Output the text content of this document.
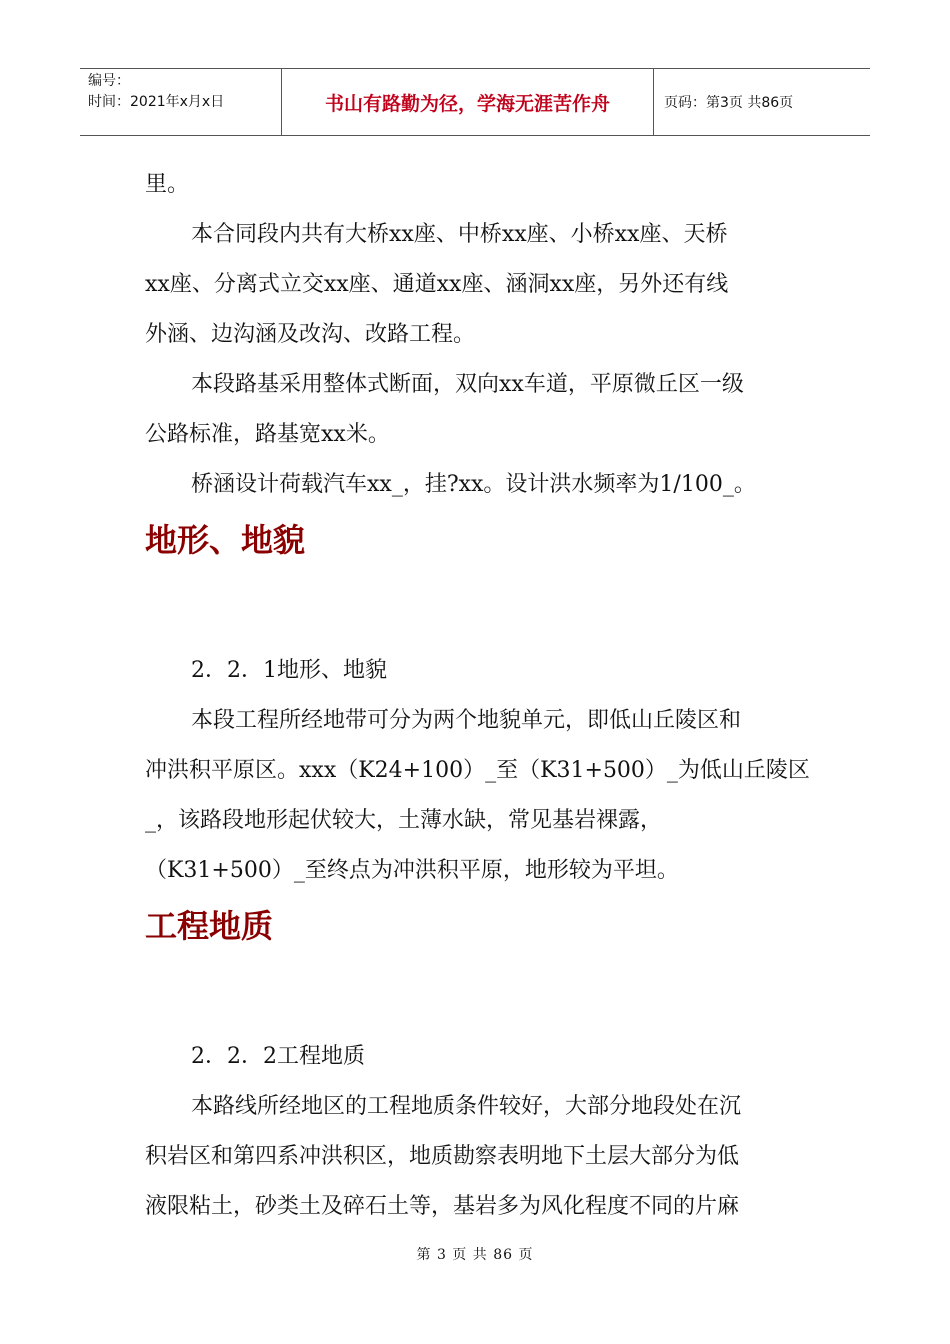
编号：
时间：2021年x月x日	书山有路勤为径，学海无涯苦作舟	页码：第3页 共86页

里。

本合同段内共有大桥xx座、中桥xx座、小桥xx座、天桥

xx座、分离式立交xx座、通道xx座、涵洞xx座，另外还有线

外涵、边沟涵及改沟、改路工程。

本段路基采用整体式断面，双向xx车道，平原微丘区一级

公路标准，路基宽xx米。

桥涵设计荷载汽车xx_，挂?xx。设计洪水频率为1/100_。

地形、地貌

2．2．1地形、地貌

本段工程所经地带可分为两个地貌单元，即低山丘陵区和

冲洪积平原区。xxx（K24+100）_至（K31+500）_为低山丘陵区

_，该路段地形起伏较大，土薄水缺，常见基岩裸露，

（K31+500）_至终点为冲洪积平原，地形较为平坦。

工程地质

2．2．2工程地质

本路线所经地区的工程地质条件较好，大部分地段处在沉

积岩区和第四系冲洪积区，地质勘察表明地下土层大部分为低

液限粘土，砂类土及碎石土等，基岩多为风化程度不同的片麻

第 3 页 共 86 页
